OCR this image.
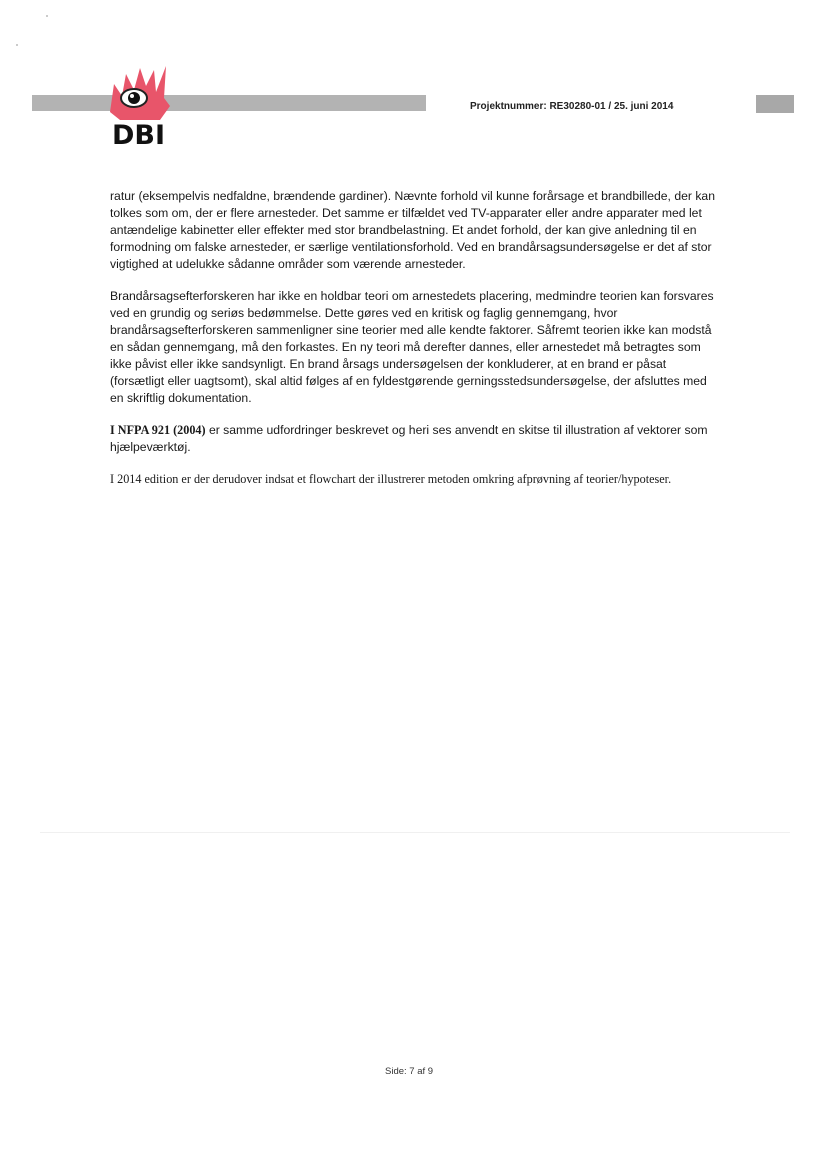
DBI
Projektnummer: RE30280-01 / 25. juni 2014

ratur (eksempelvis nedfaldne, brændende gardiner). Nævnte forhold vil kunne forårsage et brandbillede, der kan tolkes som om, der er flere arnesteder. Det samme er tilfældet ved TV-apparater eller andre apparater med let antændelige kabinetter eller effekter med stor brandbelastning. Et andet forhold, der kan give anledning til en formodning om falske arnesteder, er særlige ventilationsforhold. Ved en brandårsagsundersøgelse er det af stor vigtighed at udelukke sådanne områder som værende arnesteder.

Brandårsagsefterforskeren har ikke en holdbar teori om arnestedets placering, medmindre teorien kan forsvares ved en grundig og seriøs bedømmelse. Dette gøres ved en kritisk og faglig gennemgang, hvor brandårsagsefterforskeren sammenligner sine teorier med alle kendte faktorer. Såfremt teorien ikke kan modstå en sådan gennemgang, må den forkastes. En ny teori må derefter dannes, eller arnestedet må betragtes som ikke påvist eller ikke sandsynligt. En brand årsags undersøgelsen der konkluderer, at en brand er påsat (forsætligt eller uagtsomt), skal altid følges af en fyldestgørende gerningsstedsundersøgelse, der afsluttes med en skriftlig dokumentation.

I NFPA 921 (2004) er samme udfordringer beskrevet og heri ses anvendt en skitse til illustration af vektorer som hjælpeværktøj.

I 2014 edition er der derudover indsat et flowchart der illustrerer metoden omkring afprøvning af teorier/hypoteser.

Side: 7 af 9
